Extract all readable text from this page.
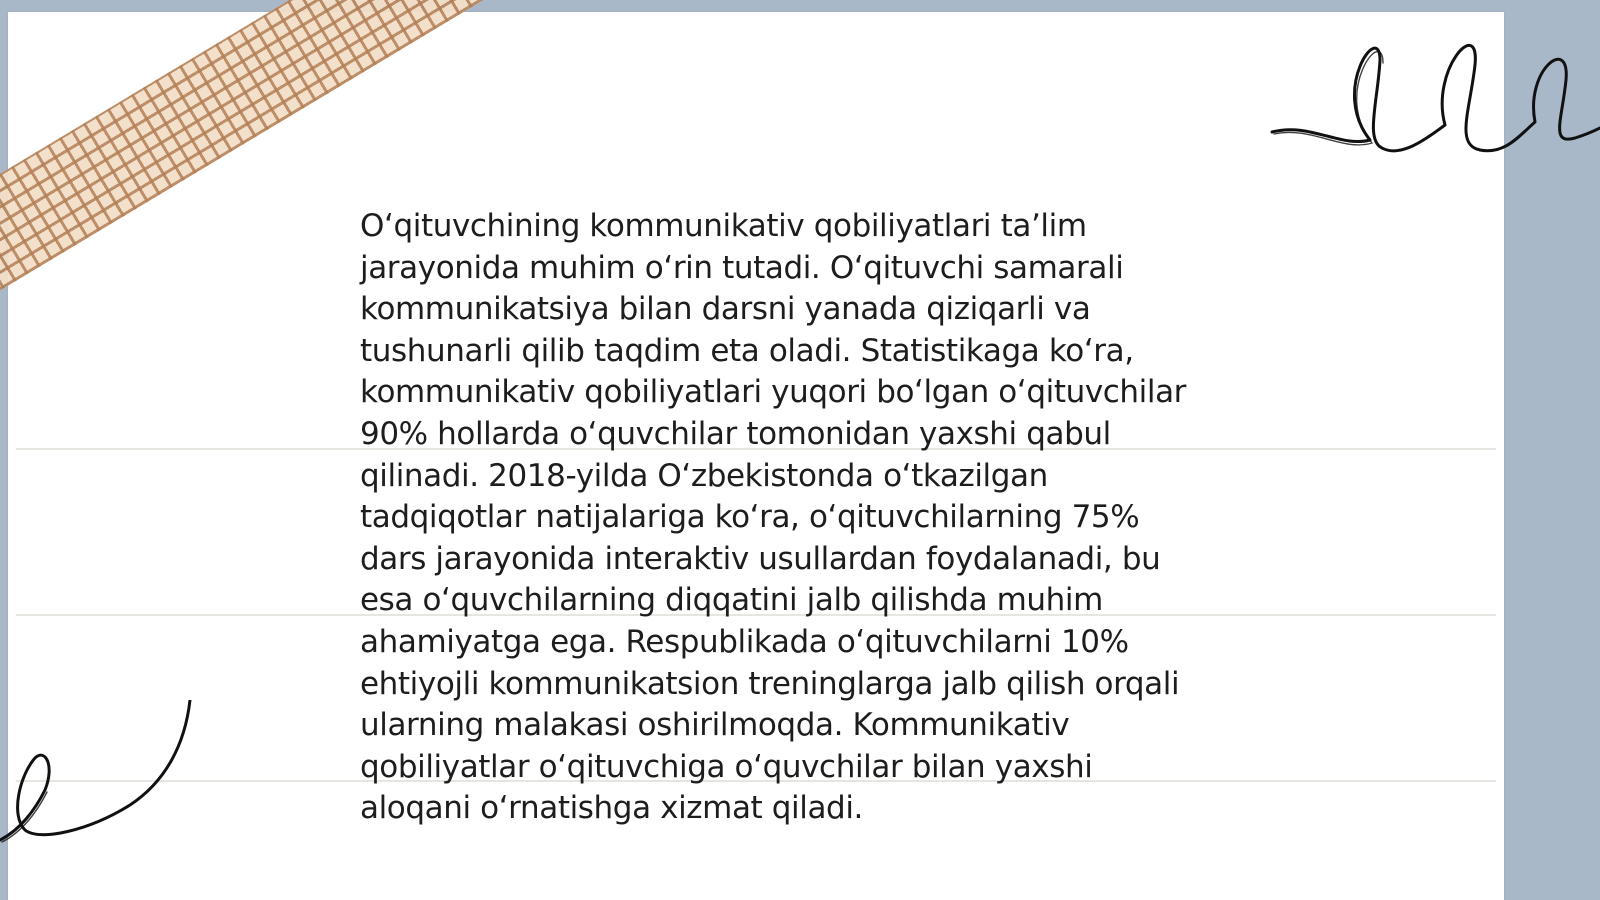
O‘qituvchining kommunikativ qobiliyatlari ta’lim jarayonida muhim o‘rin tutadi. O‘qituvchi samarali kommunikatsiya bilan darsni yanada qiziqarli va tushunarli qilib taqdim eta oladi. Statistikaga ko‘ra, kommunikativ qobiliyatlari yuqori bo‘lgan o‘qituvchilar 90% hollarda o‘quvchilar tomonidan yaxshi qabul qilinadi. 2018-yilda O‘zbekistonda o‘tkazilgan tadqiqotlar natijalariga ko‘ra, o‘qituvchilarning 75% dars jarayonida interaktiv usullardan foydalanadi, bu esa o‘quvchilarning diqqatini jalb qilishda muhim ahamiyatga ega. Respublikada o‘qituvchilarni 10% ehtiyojli kommunikatsion treninglarga jalb qilish orqali ularning malakasi oshirilmoqda. Kommunikativ qobiliyatlar o‘qituvchiga o‘quvchilar bilan yaxshi aloqani o‘rnatishga xizmat qiladi.
